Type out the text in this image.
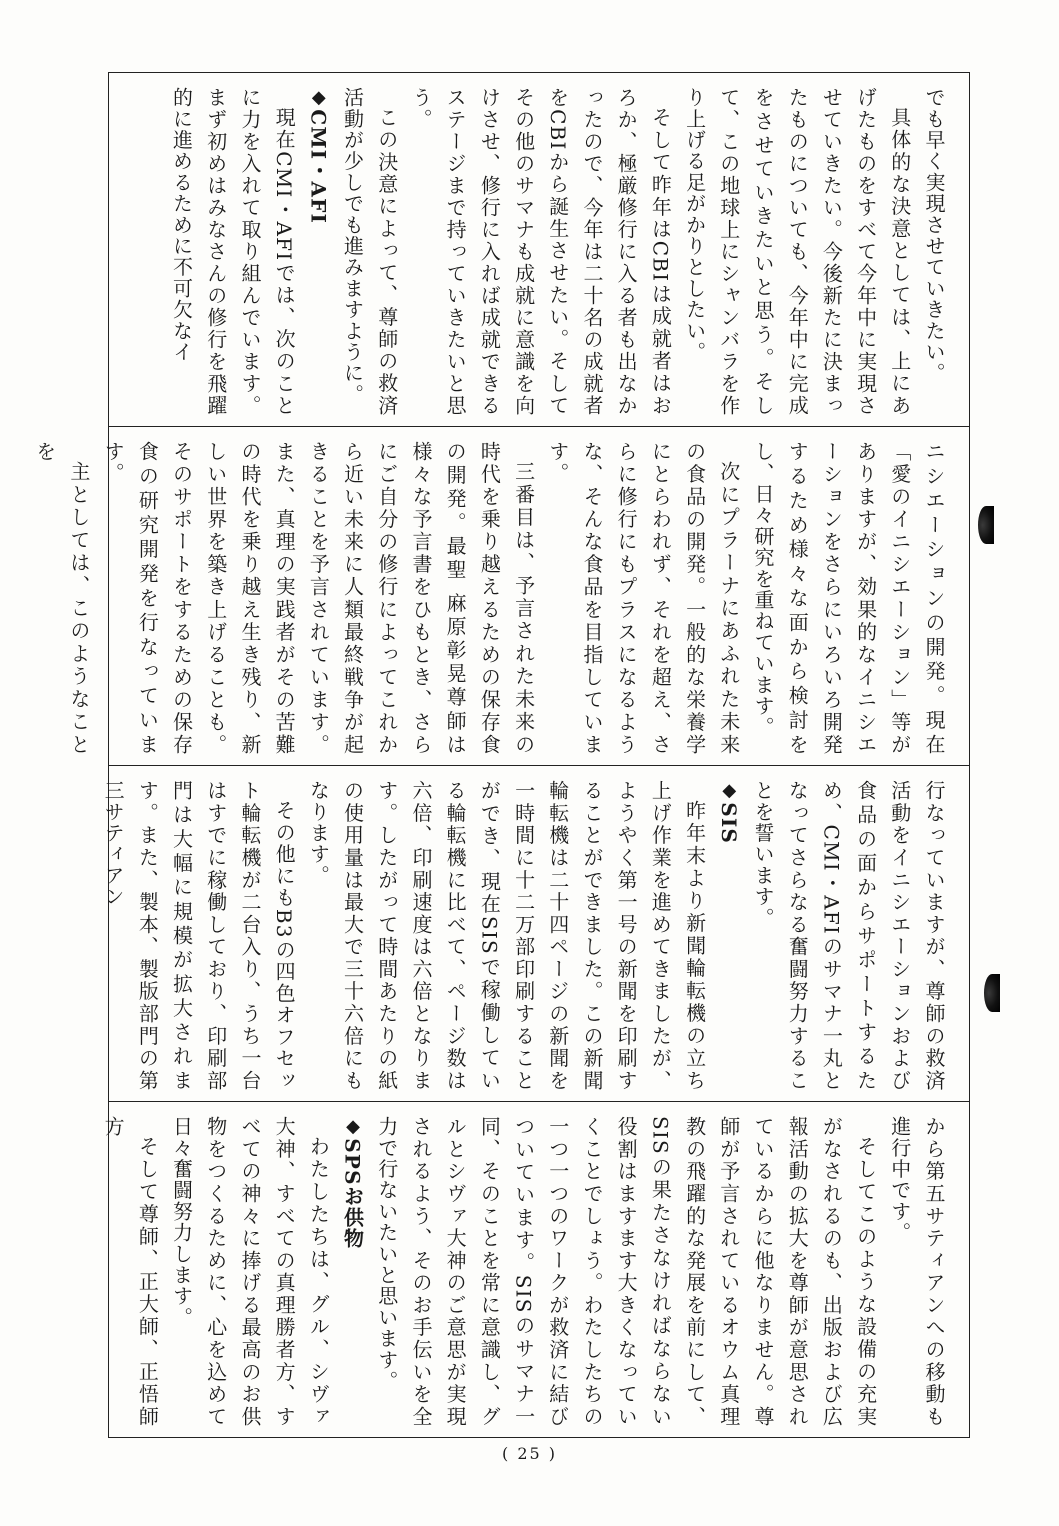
でも早く実現させていきたい。

具体的な決意としては、上にあげたものをすべて今年中に実現させていきたい。今後新たに決まったものについても、今年中に完成をさせていきたいと思う。そして、この地球上にシャンバラを作り上げる足がかりとしたい。

そして昨年はCBIは成就者はおろか、極厳修行に入る者も出なかったので、今年は二十名の成就者をCBIから誕生させたい。そしてその他のサマナも成就に意識を向けさせ、修行に入れば成就できるステージまで持っていきたいと思う。

この決意によって、尊師の救済活動が少しでも進みますように。

◆CMI・AFI

現在CMI・AFIでは、次のことに力を入れて取り組んでいます。まず初めはみなさんの修行を飛躍的に進めるために不可欠なイ

ニシエーションの開発。現在「愛のイニシエーション」等がありますが、効果的なイニシエーションをさらにいろいろ開発するため様々な面から検討をし、日々研究を重ねています。

次にプラーナにあふれた未来の食品の開発。一般的な栄養学にとらわれず、それを超え、さらに修行にもプラスになるような、そんな食品を目指しています。

三番目は、予言された未来の時代を乗り越えるための保存食の開発。最聖 麻原彰晃尊師は様々な予言書をひもとき、さらにご自分の修行によってこれから近い未来に人類最終戦争が起きることを予言されています。また、真理の実践者がその苦難の時代を乗り越え生き残り、新しい世界を築き上げることも。そのサポートをするための保存食の研究開発を行なっています。

主としては、このようなことを

行なっていますが、尊師の救済活動をイニシエーションおよび食品の面からサポートするため、CMI・AFIのサマナ一丸となってさらなる奮闘努力することを誓います。

◆SIS

昨年末より新聞輪転機の立ち上げ作業を進めてきましたが、ようやく第一号の新聞を印刷することができました。この新聞輪転機は二十四ページの新聞を一時間に十二万部印刷することができ、現在SISで稼働している輪転機に比べて、ページ数は六倍、印刷速度は六倍となります。したがって時間あたりの紙の使用量は最大で三十六倍にもなります。

その他にもB3の四色オフセット輪転機が二台入り、うち一台はすでに稼働しており、印刷部門は大幅に規模が拡大されます。また、製本、製版部門の第三サティアン

から第五サティアンへの移動も進行中です。

そしてこのような設備の充実がなされるのも、出版および広報活動の拡大を尊師が意思されているからに他なりません。尊師が予言されているオウム真理教の飛躍的な発展を前にして、SISの果たさなければならない役割はますます大きくなっていくことでしょう。わたしたちの一つ一つのワークが救済に結びついています。SISのサマナ一同、そのことを常に意識し、グルとシヴァ大神のご意思が実現されるよう、そのお手伝いを全力で行ないたいと思います。

◆SPSお供物

わたしたちは、グル、シヴァ大神、すべての真理勝者方、すべての神々に捧げる最高のお供物をつくるために、心を込めて日々奮闘努力します。

そして尊師、正大師、正悟師方

( 25 )
